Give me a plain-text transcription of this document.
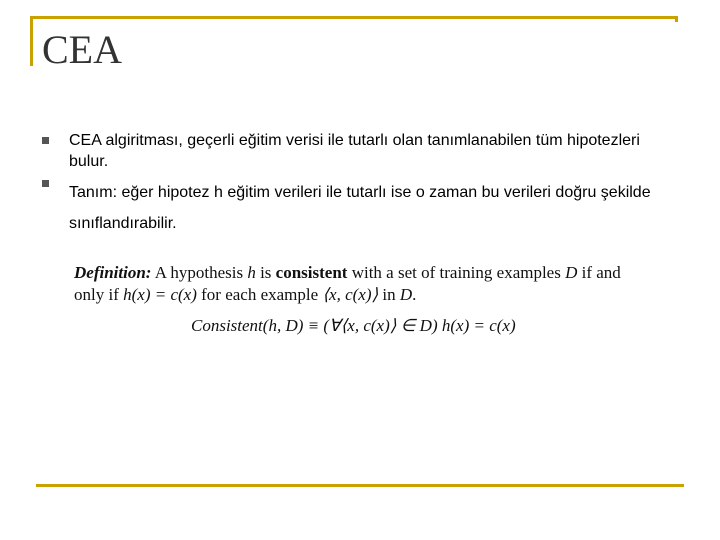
CEA
CEA algiritması, geçerli eğitim verisi ile tutarlı olan tanımlanabilen tüm hipotezleri bulur.
Tanım: eğer hipotez h eğitim verileri ile tutarlı ise o zaman bu verileri doğru şekilde sınıflandırabilir.
Definition: A hypothesis h is consistent with a set of training examples D if and
only if h(x) = c(x) for each example ⟨x, c(x)⟩ in D.
Consistent(h, D) ≡ (∀⟨x, c(x)⟩ ∈ D) h(x) = c(x)
